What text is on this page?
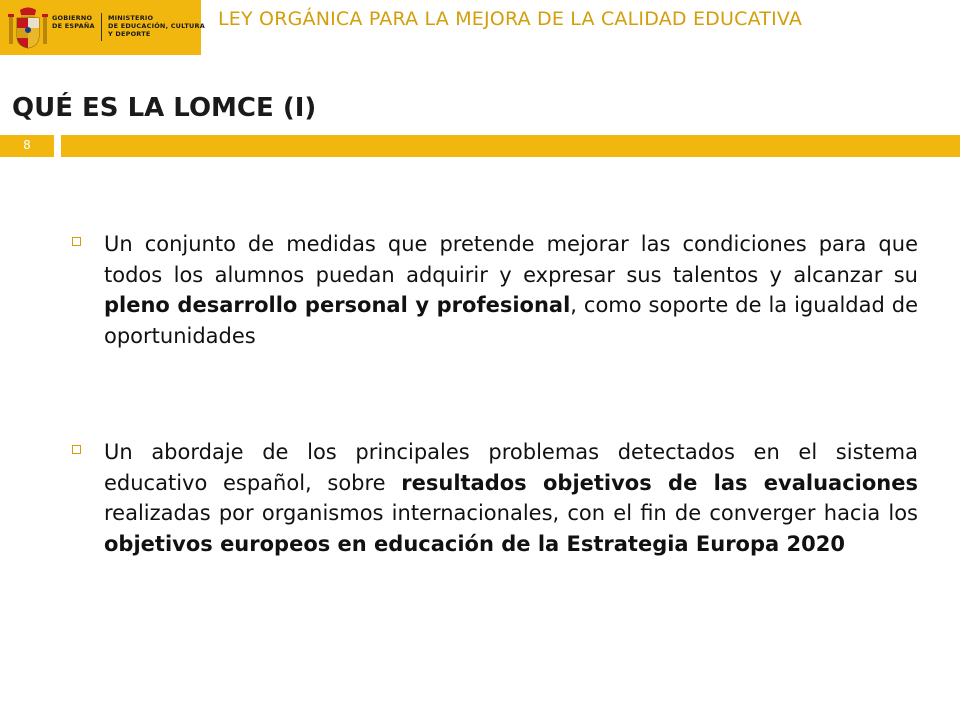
GOBIERNO
DE ESPAÑA
MINISTERIO
DE EDUCACIÓN, CULTURA
Y DEPORTE
LEY ORGÁNICA PARA LA MEJORA DE LA CALIDAD EDUCATIVA
QUÉ ES LA LOMCE (I)
8
Un conjunto de medidas que pretende mejorar las condiciones para que todos los alumnos puedan adquirir y expresar sus talentos y alcanzar su pleno desarrollo personal y profesional, como soporte de la igualdad de oportunidades
Un abordaje de los principales problemas detectados en el sistema educativo español, sobre resultados objetivos de las evaluaciones realizadas por organismos internacionales, con el fin de converger hacia los objetivos europeos en educación de la Estrategia Europa 2020
